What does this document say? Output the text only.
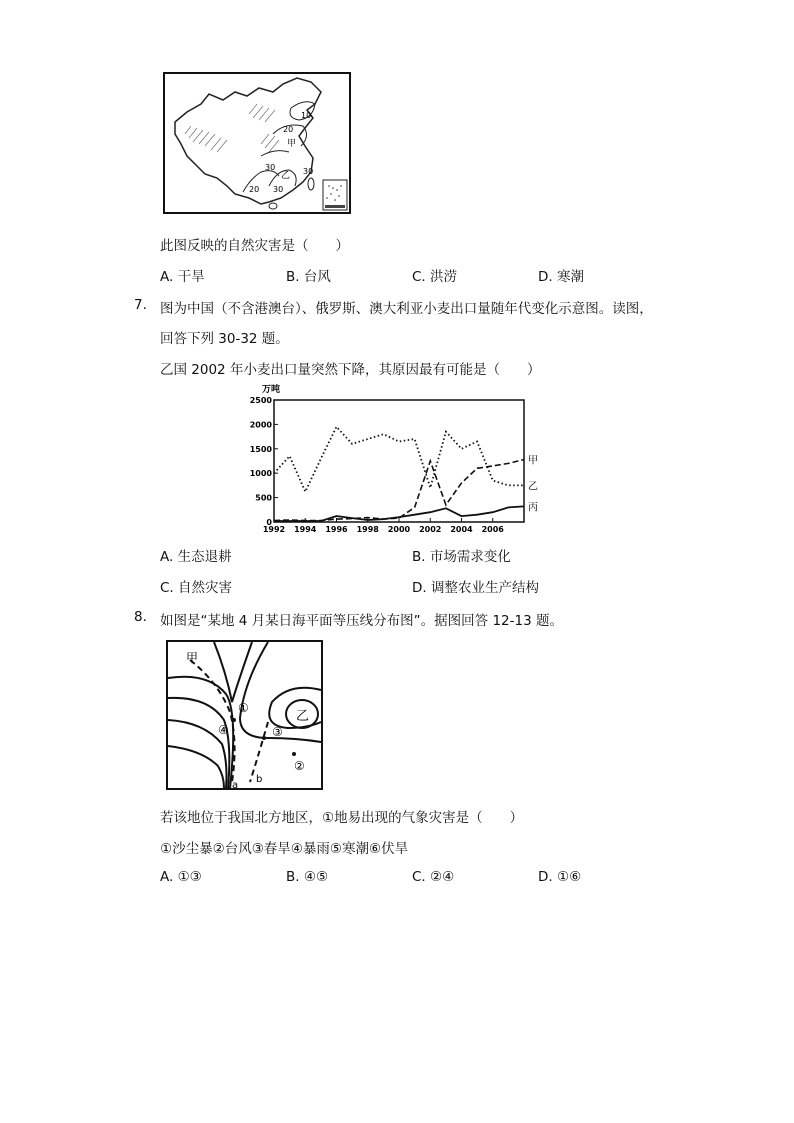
10
20
甲
30
乙
20 30
30
此图反映的自然灾害是（　　）
A. 干旱	B. 台风	C. 洪涝	D. 寒潮
7. 图为中国（不含港澳台）、俄罗斯、澳大利亚小麦出口量随年代变化示意图。读图，
回答下列 30-32 题。
乙国 2002 年小麦出口量突然下降，其原因最有可能是（　　）
万吨
2500
2000
1500
1000
500
0
1992 1994 1996 1998 2000 2002 2004 2006
甲
乙
丙
A. 生态退耕	B. 市场需求变化
C. 自然灾害	D. 调整农业生产结构
8. 如图是“某地 4 月某日海平面等压线分布图”。据图回答 12-13 题。
甲
乙
①
②
③
④
a
b
若该地位于我国北方地区，①地易出现的气象灾害是（　　）
①沙尘暴②台风③春旱④暴雨⑤寒潮⑥伏旱
A. ①③	B. ④⑤	C. ②④	D. ①⑥
